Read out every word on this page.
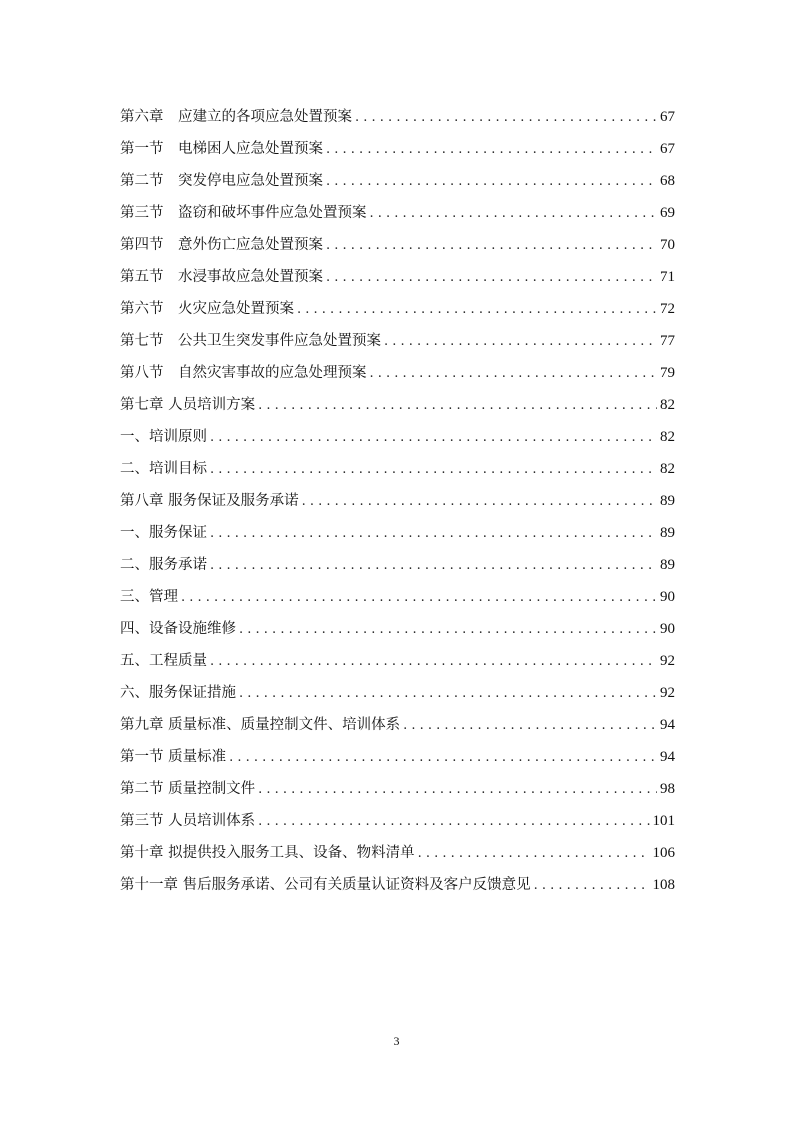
第六章　应建立的各项应急处置预案 . . .	67
第一节　电梯困人应急处置预案 . . .	67
第二节　突发停电应急处置预案 . . .	68
第三节　盗窃和破坏事件应急处置预案 . . .	69
第四节　意外伤亡应急处置预案 . . .	70
第五节　水浸事故应急处置预案 . . .	71
第六节　火灾应急处置预案 . . .	72
第七节　公共卫生突发事件应急处置预案 . . .	77
第八节　自然灾害事故的应急处理预案 . . .	79
第七章 人员培训方案 . . .	82
一、培训原则 . . .	82
二、培训目标 . . .	82
第八章 服务保证及服务承诺 . . .	89
一、服务保证 . . .	89
二、服务承诺 . . .	89
三、管理 . . .	90
四、设备设施维修 . . .	90
五、工程质量 . . .	92
六、服务保证措施 . . .	92
第九章 质量标准、质量控制文件、培训体系 . . .	94
第一节 质量标准 . . .	94
第二节 质量控制文件 . . .	98
第三节 人员培训体系 . . .	101
第十章 拟提供投入服务工具、设备、物料清单 . . .	106
第十一章 售后服务承诺、公司有关质量认证资料及客户反馈意见 . . .	108
3
